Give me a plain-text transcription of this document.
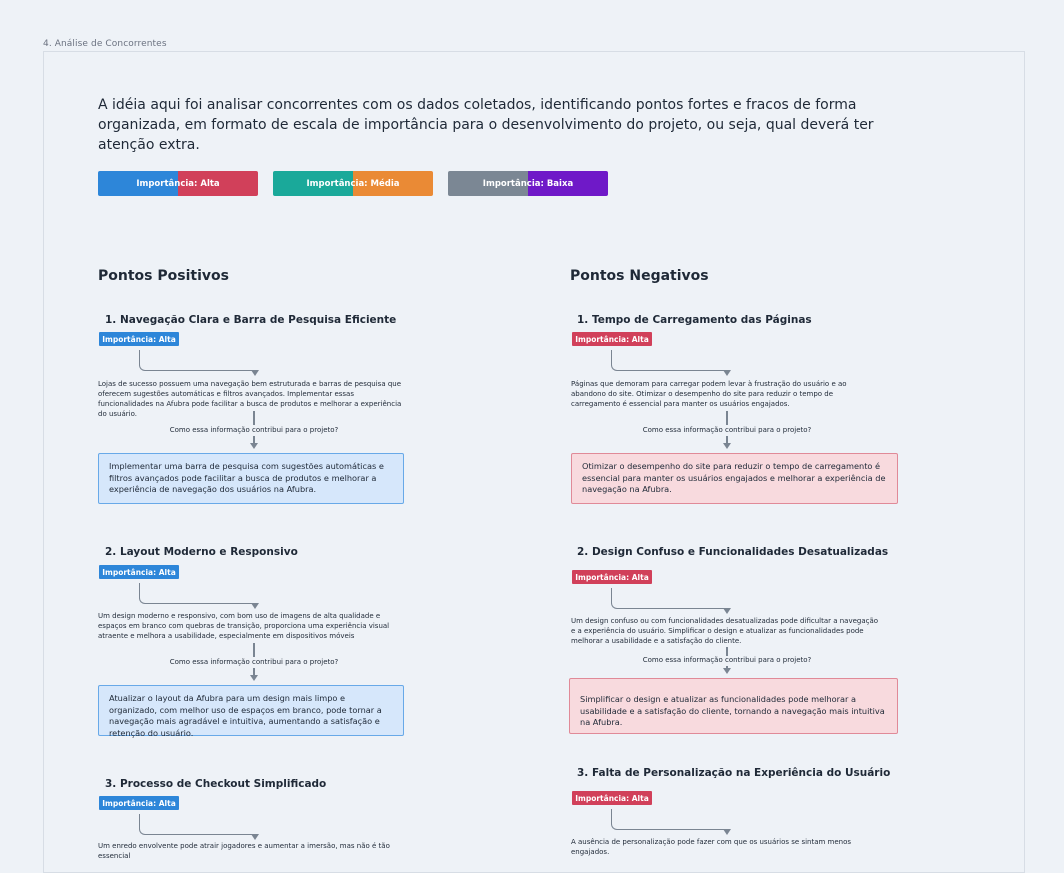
4. Análise de Concorrentes
A idéia aqui foi analisar concorrentes com os dados coletados, identificando pontos fortes e fracos de forma organizada, em formato de escala de importância para o desenvolvimento do projeto, ou seja, qual deverá ter atenção extra.
Importância: Alta	Importância: Média	Importância: Baixa
Pontos Positivos	Pontos Negativos
1. Navegação Clara e Barra de Pesquisa Eficiente
Importância: Alta
Lojas de sucesso possuem uma navegação bem estruturada e barras de pesquisa que oferecem sugestões automáticas e filtros avançados. Implementar essas funcionalidades na Afubra pode facilitar a busca de produtos e melhorar a experiência do usuário.
Como essa informação contribui para o projeto?
Implementar uma barra de pesquisa com sugestões automáticas e filtros avançados pode facilitar a busca de produtos e melhorar a experiência de navegação dos usuários na Afubra.
2. Layout Moderno e Responsivo
Importância: Alta
Um design moderno e responsivo, com bom uso de imagens de alta qualidade e espaços em branco com quebras de transição, proporciona uma experiência visual atraente e melhora a usabilidade, especialmente em dispositivos móveis
Como essa informação contribui para o projeto?
Atualizar o layout da Afubra para um design mais limpo e organizado, com melhor uso de espaços em branco, pode tornar a navegação mais agradável e intuitiva, aumentando a satisfação e retenção do usuário.
3. Processo de Checkout Simplificado
Importância: Alta
Um enredo envolvente pode atrair jogadores e aumentar a imersão, mas não é tão essencial
1. Tempo de Carregamento das Páginas
Importância: Alta
Páginas que demoram para carregar podem levar à frustração do usuário e ao abandono do site. Otimizar o desempenho do site para reduzir o tempo de carregamento é essencial para manter os usuários engajados.
Como essa informação contribui para o projeto?
Otimizar o desempenho do site para reduzir o tempo de carregamento é essencial para manter os usuários engajados e melhorar a experiência de navegação na Afubra.
2. Design Confuso e Funcionalidades Desatualizadas
Importância: Alta
Um design confuso ou com funcionalidades desatualizadas pode dificultar a navegação e a experiência do usuário. Simplificar o design e atualizar as funcionalidades pode melhorar a usabilidade e a satisfação do cliente.
Como essa informação contribui para o projeto?
Simplificar o design e atualizar as funcionalidades pode melhorar a usabilidade e a satisfação do cliente, tornando a navegação mais intuitiva na Afubra.
3. Falta de Personalização na Experiência do Usuário
Importância: Alta
A ausência de personalização pode fazer com que os usuários se sintam menos engajados.
